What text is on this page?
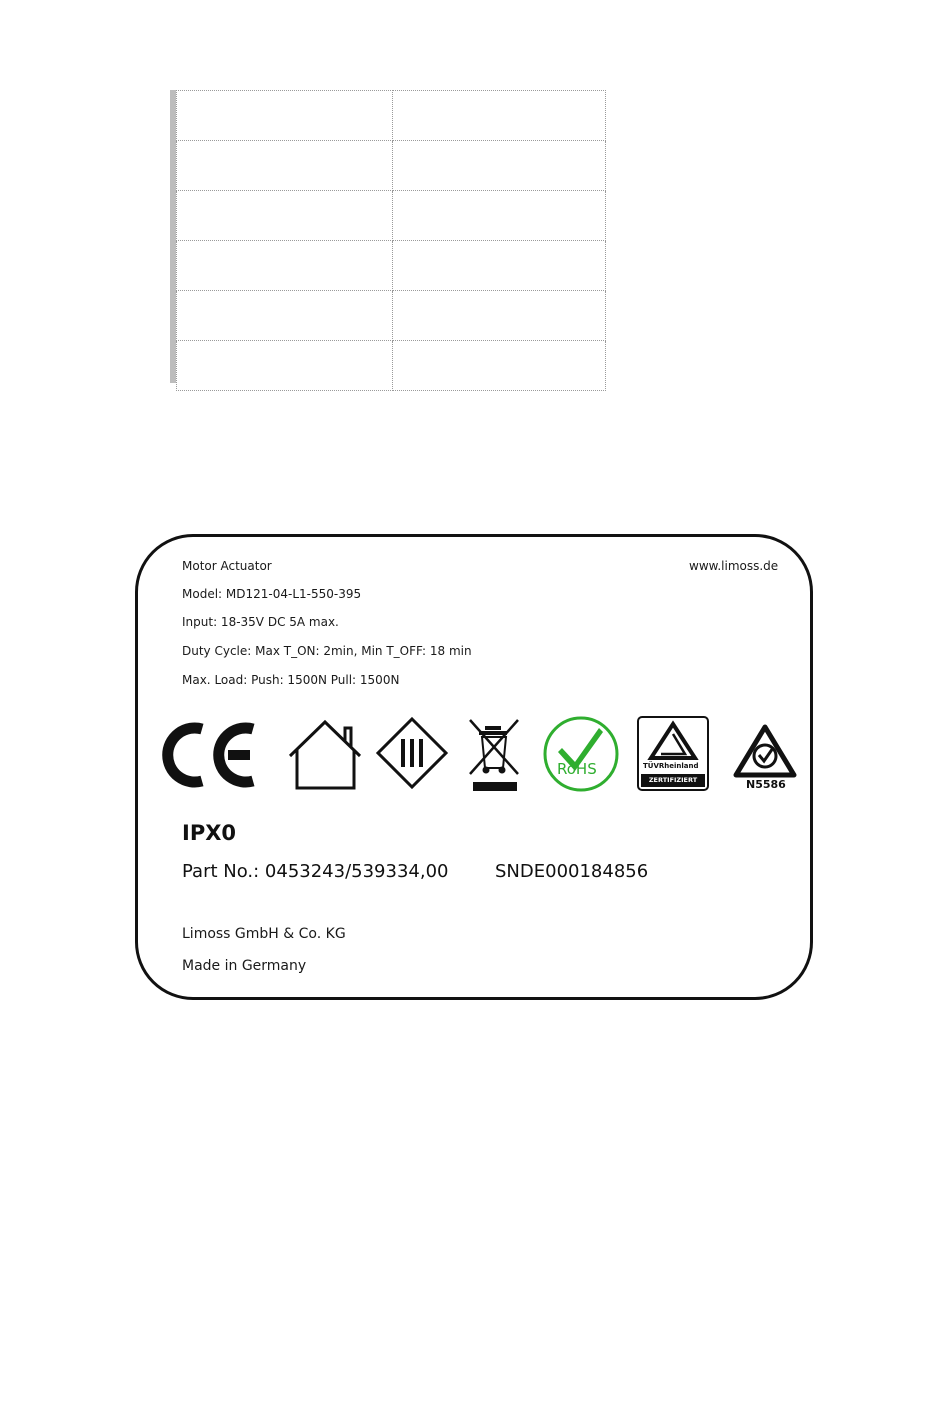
Motor Actuator	www.limoss.de
Model: MD121-04-L1-550-395
Input: 18-35V DC 5A max.
Duty Cycle: Max T_ON: 2min, Min T_OFF: 18 min
Max. Load: Push: 1500N Pull: 1500N
RoHS	TÜVRheinland
ZERTIFIZIERT	N5586
IPX0
Part No.: 0453243/539334,00	SNDE000184856
Limoss GmbH & Co. KG
Made in Germany
